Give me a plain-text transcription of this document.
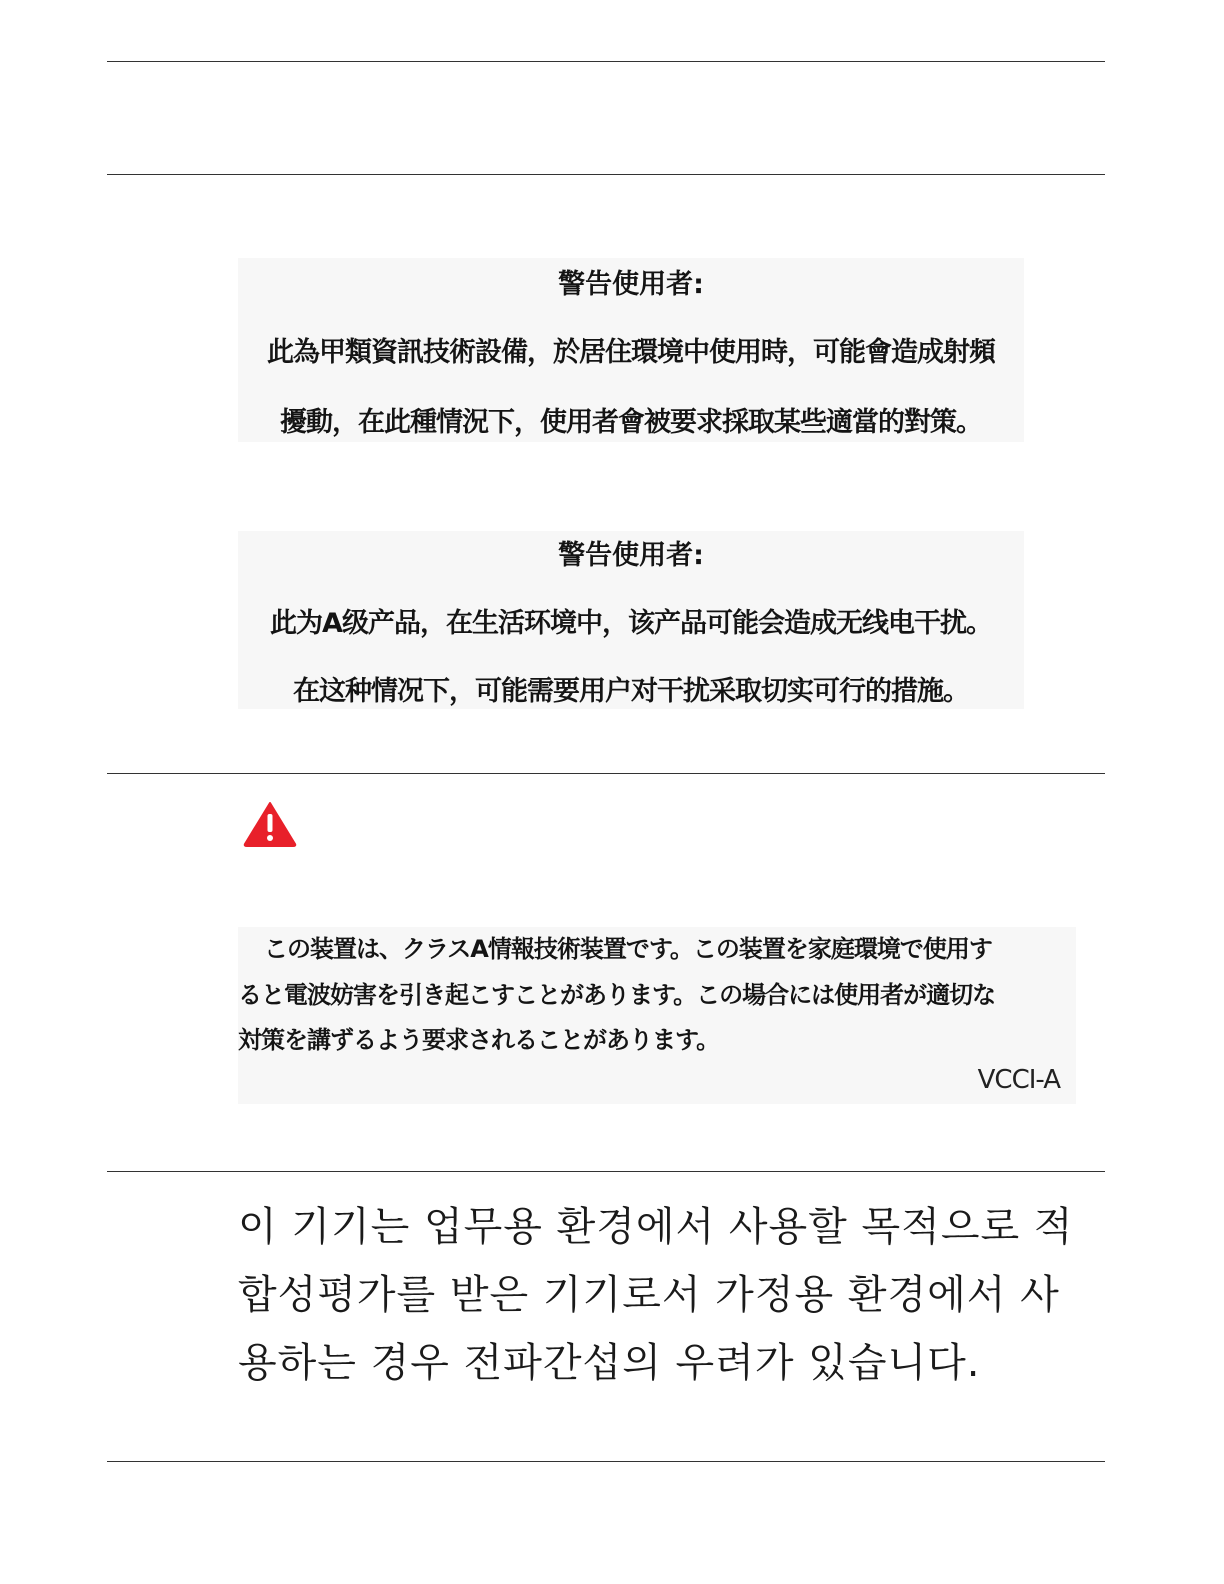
警告使用者:
此為甲類資訊技術設備，於居住環境中使用時，可能會造成射頻
擾動，在此種情況下，使用者會被要求採取某些適當的對策。
警告使用者:
此为A级产品，在生活环境中，该产品可能会造成无线电干扰。
在这种情况下，可能需要用户对干扰采取切实可行的措施。
この装置は、クラスA情報技術装置です。この装置を家庭環境で使用す
ると電波妨害を引き起こすことがあります。この場合には使用者が適切な
対策を講ずるよう要求されることがあります。
VCCI-A
이 기기는 업무용 환경에서 사용할 목적으로 적
합성평가를 받은 기기로서 가정용 환경에서 사
용하는 경우 전파간섭의 우려가 있습니다.
